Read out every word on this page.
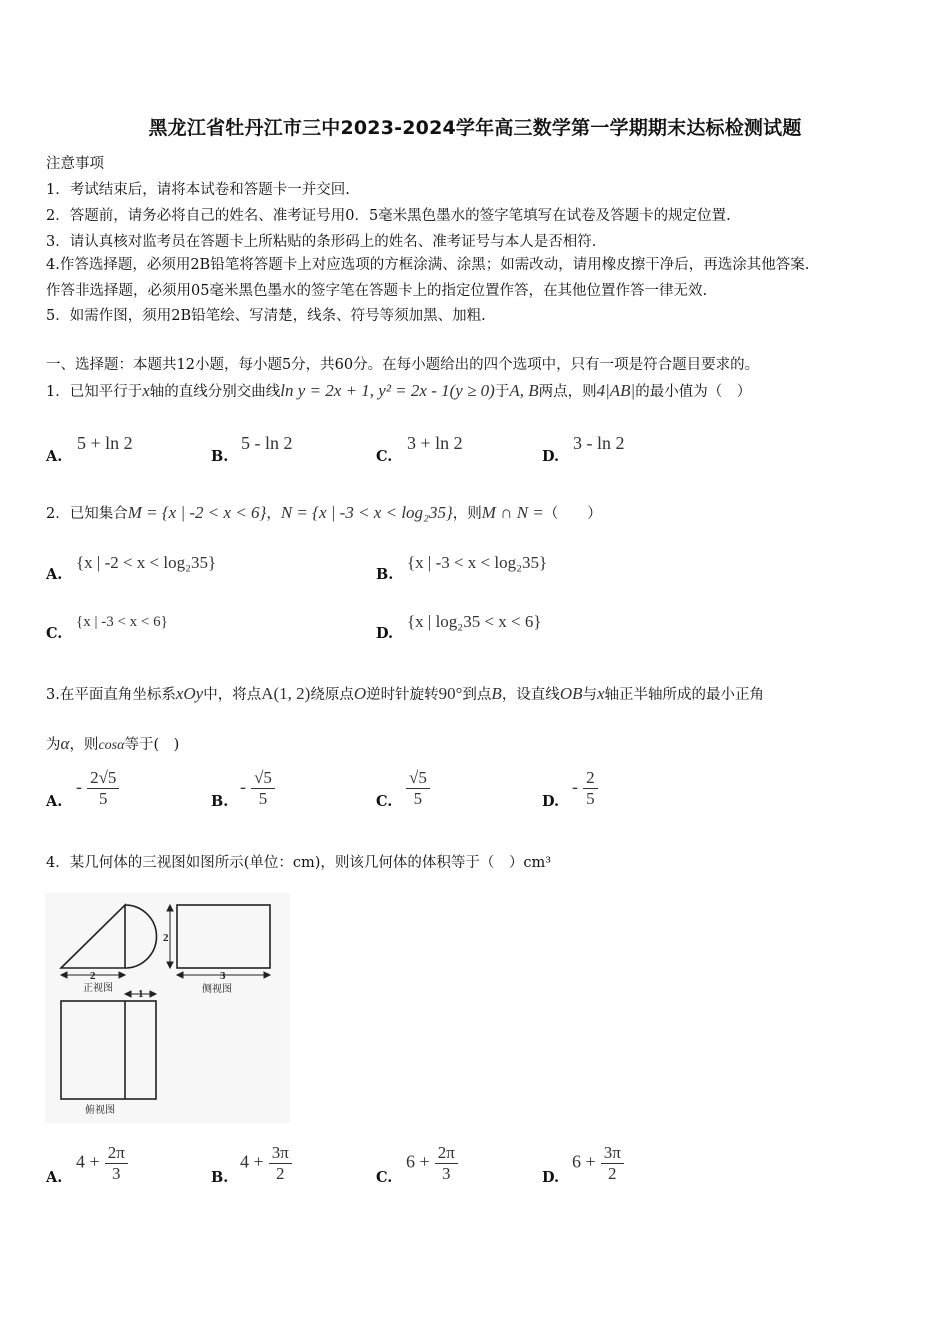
黑龙江省牡丹江市三中2023-2024学年高三数学第一学期期末达标检测试题
注意事项
1．考试结束后，请将本试卷和答题卡一并交回.
2．答题前，请务必将自己的姓名、准考证号用0．5毫米黑色墨水的签字笔填写在试卷及答题卡的规定位置.
3．请认真核对监考员在答题卡上所粘贴的条形码上的姓名、准考证号与本人是否相符.
4.作答选择题，必须用2B铅笔将答题卡上对应选项的方框涂满、涂黑；如需改动，请用橡皮擦干净后，再选涂其他答案.
作答非选择题，必须用05毫米黑色墨水的签字笔在答题卡上的指定位置作答，在其他位置作答一律无效.
5．如需作图，须用2B铅笔绘、写清楚，线条、符号等须加黑、加粗.
一、选择题：本题共12小题，每小题5分，共60分。在每小题给出的四个选项中，只有一项是符合题目要求的。
1．已知平行于x轴的直线分别交曲线ln y = 2x + 1, y² = 2x - 1(y ≥ 0)于A, B两点，则4|AB|的最小值为（　）
A.
5 + ln 2
B.
5 - ln 2
C.
3 + ln 2
D.
3 - ln 2
2．已知集合M = {x | -2 < x < 6}，N = {x | -3 < x < log₂35}，则M ∩ N =（　　）
A.
{x | -2 < x < log₂35}
B.
{x | -3 < x < log₂35}
C.
{x | -3 < x < 6}
D.
{x | log₂35 < x < 6}
3.在平面直角坐标系xOy中，将点A(1, 2)绕原点O逆时针旋转90°到点B，设直线OB与x轴正半轴所成的最小正角
为α，则cosα等于(　)
A.
- $\frac{2√5}{5}$	B.
- $\frac{√5}{5}$	C. $\frac{√5}{5}$	D.
- $\frac{2}{5}$
4．某几何体的三视图如图所示(单位：cm)，则该几何体的体积等于（　）cm³
2
2
3
1
正视图	侧视图
俯视图
A.
$4 + \frac{2\pi}{3}$	B.
$4 + \frac{3\pi}{2}$	C.
$6 + \frac{2\pi}{3}$	D.
$6 + \frac{3\pi}{2}$
